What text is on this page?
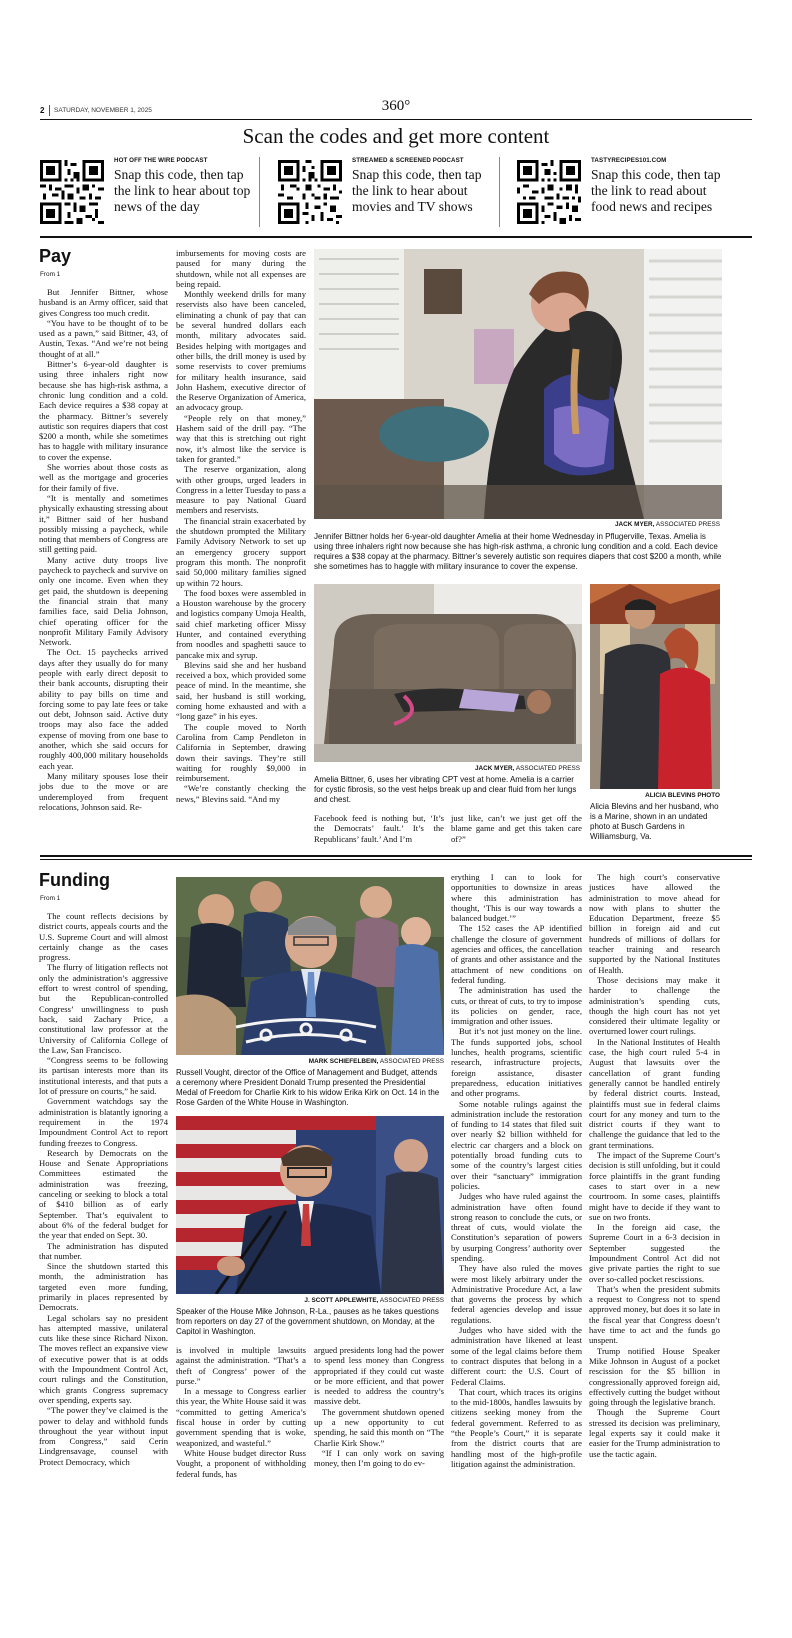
2 SATURDAY, NOVEMBER 1, 2025	360°
Scan the codes and get more content
HOT OFF THE WIRE PODCAST
Snap this code, then tap the link to hear about top news of the day
STREAMED & SCREENED PODCAST
Snap this code, then tap the link to hear about movies and TV shows
TASTYRECIPES101.COM
Snap this code, then tap the link to read about food news and recipes
Pay
From 1

But Jennifer Bittner, whose husband is an Army officer, said that gives Congress too much credit.

“You have to be thought of to be used as a pawn,” said Bittner, 43, of Austin, Texas. “And we’re not being thought of at all.”

Bittner’s 6-year-old daughter is using three inhalers right now because she has high-risk asthma, a chronic lung condition and a cold. Each device requires a $38 copay at the pharmacy. Bittner’s severely autistic son requires diapers that cost $200 a month, while she sometimes has to haggle with military insurance to cover the expense.

She worries about those costs as well as the mortgage and groceries for their family of five.

“It is mentally and sometimes physically exhausting stressing about it,” Bittner said of her husband possibly missing a paycheck, while noting that members of Congress are still getting paid.

Many active duty troops live paycheck to paycheck and survive on only one income. Even when they get paid, the shutdown is deepening the financial strain that many families face, said Delia Johnson, chief operating officer for the nonprofit Military Family Advisory Network.

The Oct. 15 paychecks arrived days after they usually do for many people with early direct deposit to their bank accounts, disrupting their ability to pay bills on time and forcing some to pay late fees or take out debt, Johnson said. Active duty troops may also face the added expense of moving from one base to another, which she said occurs for roughly 400,000 military households each year.

Many military spouses lose their jobs due to the move or are underemployed from frequent relocations, Johnson said. Re-

imbursements for moving costs are paused for many during the shutdown, while not all expenses are being repaid.

Monthly weekend drills for many reservists also have been canceled, eliminating a chunk of pay that can be several hundred dollars each month, military advocates said. Besides helping with mortgages and other bills, the drill money is used by some reservists to cover premiums for military health insurance, said John Hashem, executive director of the Reserve Organization of America, an advocacy group.

“People rely on that money,” Hashem said of the drill pay. “The way that this is stretching out right now, it’s almost like the service is taken for granted.”

The reserve organization, along with other groups, urged leaders in Congress in a letter Tuesday to pass a measure to pay National Guard members and reservists.

The financial strain exacerbated by the shutdown prompted the Military Family Advisory Network to set up an emergency grocery support program this month. The nonprofit said 50,000 military families signed up within 72 hours.

The food boxes were assembled in a Houston warehouse by the grocery and logistics company Umoja Health, said chief marketing officer Missy Hunter, and contained everything from noodles and spaghetti sauce to pancake mix and syrup.

Blevins said she and her husband received a box, which provided some peace of mind. In the meantime, she said, her husband is still working, coming home exhausted and with a “long gaze” in his eyes.

The couple moved to North Carolina from Camp Pendleton in California in September, drawing down their savings. They’re still waiting for roughly $9,000 in reimbursement.

“We’re constantly checking the news,” Blevins said. “And my

JACK MYER, ASSOCIATED PRESS
Jennifer Bittner holds her 6-year-old daughter Amelia at their home Wednesday in Pflugerville, Texas. Amelia is using three inhalers right now because she has high-risk asthma, a chronic lung condition and a cold. Each device requires a $38 copay at the pharmacy. Bittner’s severely autistic son requires diapers that cost $200 a month, while she sometimes has to haggle with military insurance to cover the expense.
JACK MYER, ASSOCIATED PRESS
Amelia Bittner, 6, uses her vibrating CPT vest at home. Amelia is a carrier for cystic fibrosis, so the vest helps break up and clear fluid from her lungs and chest.	ALICIA BLEVINS PHOTO
Alicia Blevins and her husband, who is a Marine, shown in an undated photo at Busch Gardens in Williamsburg, Va.

Facebook feed is nothing but, ‘It’s the Democrats’ fault.’ It’s the Republicans’ fault.’ And I’m

just like, can’t we just get off the blame game and get this taken care of?”

Funding
From 1

The count reflects decisions by district courts, appeals courts and the U.S. Supreme Court and will almost certainly change as the cases progress.

The flurry of litigation reflects not only the administration’s aggressive effort to wrest control of spending, but the Republican-controlled Congress’ unwillingness to push back, said Zachary Price, a constitutional law professor at the University of California College of the Law, San Francisco.

“Congress seems to be following its partisan interests more than its institutional interests, and that puts a lot of pressure on courts,” he said.

Government watchdogs say the administration is blatantly ignoring a requirement in the 1974 Impoundment Control Act to report funding freezes to Congress.

Research by Democrats on the House and Senate Appropriations Committees estimated the administration was freezing, canceling or seeking to block a total of $410 billion as of early September. That’s equivalent to about 6% of the federal budget for the year that ended on Sept. 30.

The administration has disputed that number.

Since the shutdown started this month, the administration has targeted even more funding, primarily in places represented by Democrats.

Legal scholars say no president has attempted massive, unilateral cuts like these since Richard Nixon. The moves reflect an expansive view of executive power that is at odds with the Impoundment Control Act, court rulings and the Constitution, which grants Congress supremacy over spending, experts say.

“The power they’ve claimed is the power to delay and withhold funds throughout the year without input from Congress,” said Cerin Lindgrensavage, counsel with Protect Democracy, which

MARK SCHIEFELBEIN, ASSOCIATED PRESS
Russell Vought, director of the Office of Management and Budget, attends a ceremony where President Donald Trump presented the Presidential Medal of Freedom for Charlie Kirk to his widow Erika Kirk on Oct. 14 in the Rose Garden of the White House in Washington.
J. SCOTT APPLEWHITE, ASSOCIATED PRESS
Speaker of the House Mike Johnson, R-La., pauses as he takes questions from reporters on day 27 of the government shutdown, on Monday, at the Capitol in Washington.

is involved in multiple lawsuits against the administration. “That’s a theft of Congress’ power of the purse.”

In a message to Congress earlier this year, the White House said it was “committed to getting America’s fiscal house in order by cutting government spending that is woke, weaponized, and wasteful.”

White House budget director Russ Vought, a proponent of withholding federal funds, has

argued presidents long had the power to spend less money than Congress appropriated if they could cut waste or be more efficient, and that power is needed to address the country’s massive debt.

The government shutdown opened up a new opportunity to cut spending, he said this month on “The Charlie Kirk Show.”

“If I can only work on saving money, then I’m going to do ev-

erything I can to look for opportunities to downsize in areas where this administration has thought, ‘This is our way towards a balanced budget.’”

The 152 cases the AP identified challenge the closure of government agencies and offices, the cancellation of grants and other assistance and the attachment of new conditions on federal funding.

The administration has used the cuts, or threat of cuts, to try to impose its policies on gender, race, immigration and other issues.

But it’s not just money on the line. The funds supported jobs, school lunches, health programs, scientific research, infrastructure projects, foreign assistance, disaster preparedness, education initiatives and other programs.

Some notable rulings against the administration include the restoration of funding to 14 states that filed suit over nearly $2 billion withheld for electric car chargers and a block on potentially broad funding cuts to some of the country’s largest cities over their “sanctuary” immigration policies.

Judges who have ruled against the administration have often found strong reason to conclude the cuts, or threat of cuts, would violate the Constitution’s separation of powers by usurping Congress’ authority over spending.

They have also ruled the moves were most likely arbitrary under the Administrative Procedure Act, a law that governs the process by which federal agencies develop and issue regulations.

Judges who have sided with the administration have likened at least some of the legal claims before them to contract disputes that belong in a different court: the U.S. Court of Federal Claims.

That court, which traces its origins to the mid-1800s, handles lawsuits by citizens seeking money from the federal government. Referred to as “the People’s Court,” it is separate from the district courts that are handling most of the high-profile litigation against the administration.

The high court’s conservative justices have allowed the administration to move ahead for now with plans to shutter the Education Department, freeze $5 billion in foreign aid and cut hundreds of millions of dollars for teacher training and research supported by the National Institutes of Health.

Those decisions may make it harder to challenge the administration’s spending cuts, though the high court has not yet considered their ultimate legality or overturned lower court rulings.

In the National Institutes of Health case, the high court ruled 5-4 in August that lawsuits over the cancellation of grant funding generally cannot be handled entirely by federal district courts. Instead, plaintiffs must sue in federal claims court for any money and turn to the district courts if they want to challenge the guidance that led to the grant terminations.

The impact of the Supreme Court’s decision is still unfolding, but it could force plaintiffs in the grant funding cases to start over in a new courtroom. In some cases, plaintiffs might have to decide if they want to sue on two fronts.

In the foreign aid case, the Supreme Court in a 6-3 decision in September suggested the Impoundment Control Act did not give private parties the right to sue over so-called pocket rescissions.

That’s when the president submits a request to Congress not to spend approved money, but does it so late in the fiscal year that Congress doesn’t have time to act and the funds go unspent.

Trump notified House Speaker Mike Johnson in August of a pocket rescission for the $5 billion in congressionally approved foreign aid, effectively cutting the budget without going through the legislative branch.

Though the Supreme Court stressed its decision was preliminary, legal experts say it could make it easier for the Trump administration to use the tactic again.
